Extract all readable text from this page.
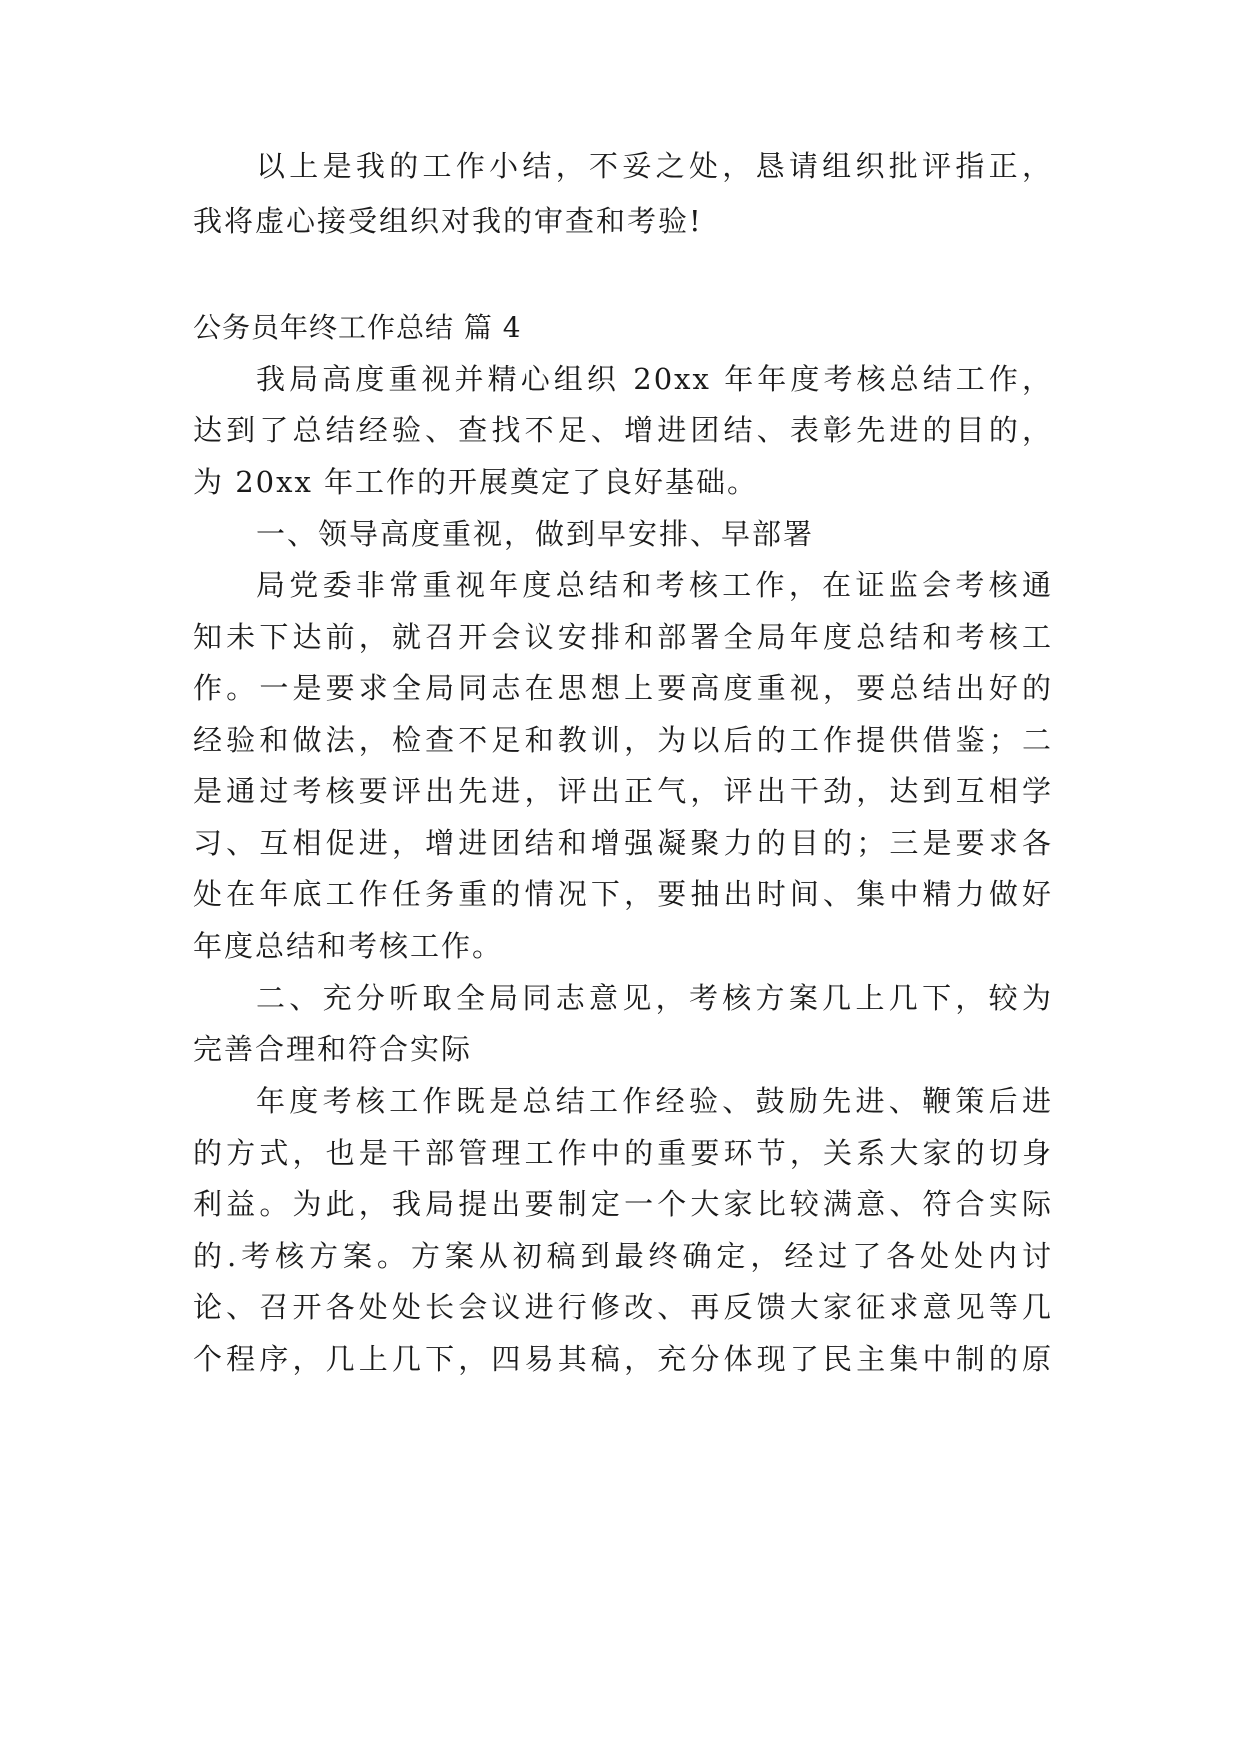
以上是我的工作小结，不妥之处，恳请组织批评指正，
我将虚心接受组织对我的审查和考验!
公务员年终工作总结 篇 4
我局高度重视并精心组织 20xx 年年度考核总结工作，
达到了总结经验、查找不足、增进团结、表彰先进的目的，
为 20xx 年工作的开展奠定了良好基础。
一、领导高度重视，做到早安排、早部署
局党委非常重视年度总结和考核工作，在证监会考核通
知未下达前，就召开会议安排和部署全局年度总结和考核工
作。一是要求全局同志在思想上要高度重视，要总结出好的
经验和做法，检查不足和教训，为以后的工作提供借鉴；二
是通过考核要评出先进，评出正气，评出干劲，达到互相学
习、互相促进，增进团结和增强凝聚力的目的；三是要求各
处在年底工作任务重的情况下，要抽出时间、集中精力做好
年度总结和考核工作。
二、充分听取全局同志意见，考核方案几上几下，较为
完善合理和符合实际
年度考核工作既是总结工作经验、鼓励先进、鞭策后进
的方式，也是干部管理工作中的重要环节，关系大家的切身
利益。为此，我局提出要制定一个大家比较满意、符合实际
的.考核方案。方案从初稿到最终确定，经过了各处处内讨
论、召开各处处长会议进行修改、再反馈大家征求意见等几
个程序，几上几下，四易其稿，充分体现了民主集中制的原
